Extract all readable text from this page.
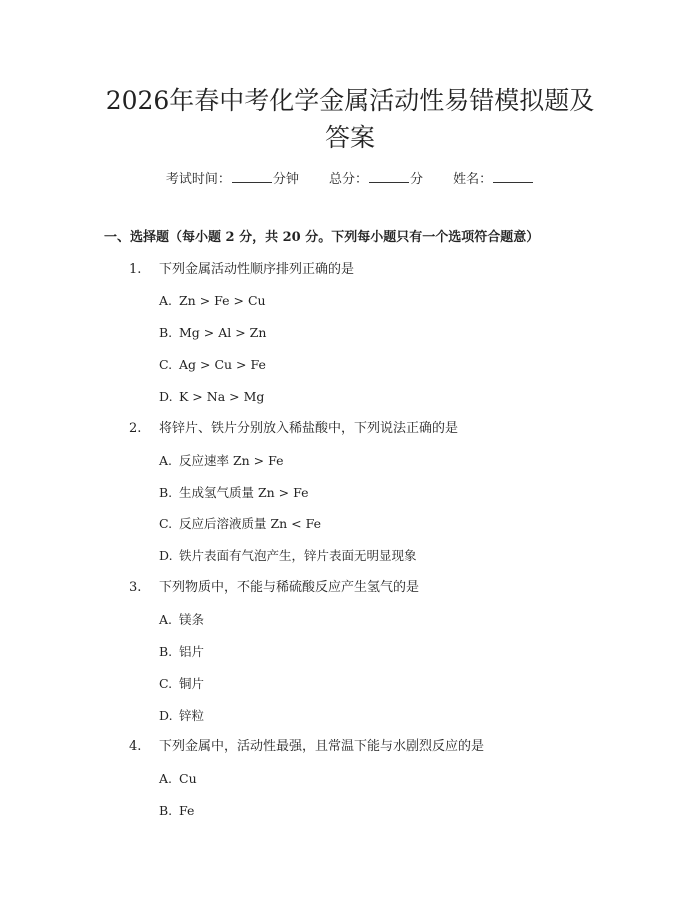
2026年春中考化学金属活动性易错模拟题及
答案
考试时间：	分钟 总分：	分 姓名：
一、选择题（每小题 2 分，共 20 分。下列每小题只有一个选项符合题意）
1. 下列金属活动性顺序排列正确的是
A. Zn > Fe > Cu
B. Mg > Al > Zn
C. Ag > Cu > Fe
D. K > Na > Mg
2. 将锌片、铁片分别放入稀盐酸中，下列说法正确的是
A. 反应速率 Zn > Fe
B. 生成氢气质量 Zn > Fe
C. 反应后溶液质量 Zn < Fe
D. 铁片表面有气泡产生，锌片表面无明显现象
3. 下列物质中，不能与稀硫酸反应产生氢气的是
A. 镁条
B. 铝片
C. 铜片
D. 锌粒
4. 下列金属中，活动性最强，且常温下能与水剧烈反应的是
A. Cu
B. Fe
